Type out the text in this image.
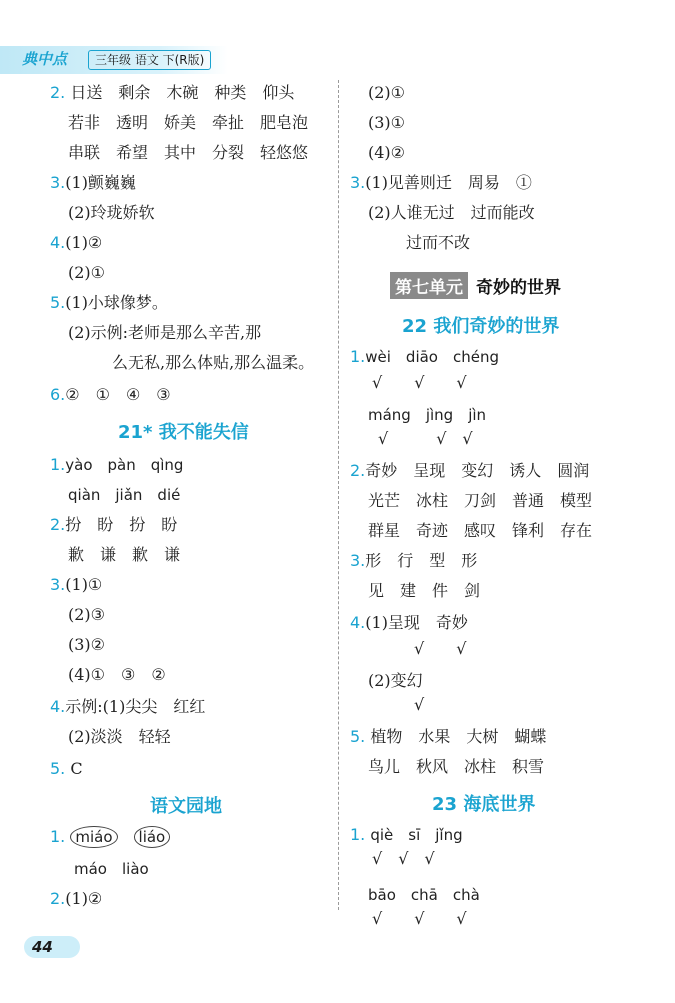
典中点	三年级 语文 下(R版)
2. 日送　剩余　木碗　种类　仰头
若非　透明　娇美　牵扯　肥皂泡
串联　希望　其中　分裂　轻悠悠
3.(1)颤巍巍
(2)玲珑娇软
4.(1)②
(2)①
5.(1)小球像梦。
(2)示例:老师是那么辛苦,那
么无私,那么体贴,那么温柔。
6.②　①　④　③
21* 我不能失信
1.yào　pàn　qìng
qiàn　jiǎn　dié
2.扮　盼　扮　盼
歉　谦　歉　谦
3.(1)①
(2)③
(3)②
(4)①　③　②
4.示例:(1)尖尖　红红
(2)淡淡　轻轻
5. C
语文园地
1. miáo　 liáo
máo　liào
2.(1)②
(2)①
(3)①
(4)②
3.(1)见善则迁　周易　①
(2)人谁无过　过而能改
过而不改
第七单元 奇妙的世界
22 我们奇妙的世界
1.wèi　diāo　chéng
√　　√　　√
máng　jìng　jìn
√　　　√　√
2.奇妙　呈现　变幻　诱人　圆润
光芒　冰柱　刀剑　普通　模型
群星　奇迹　感叹　锋利　存在
3.形　行　型　形
见　建　件　剑
4.(1)呈现　奇妙
√　　√
(2)变幻
√
5. 植物　水果　大树　蝴蝶
鸟儿　秋风　冰柱　积雪
23 海底世界
1. qiè　sī　jǐng
√　√　√
bāo　chā　chà
√　　√　　√
44
